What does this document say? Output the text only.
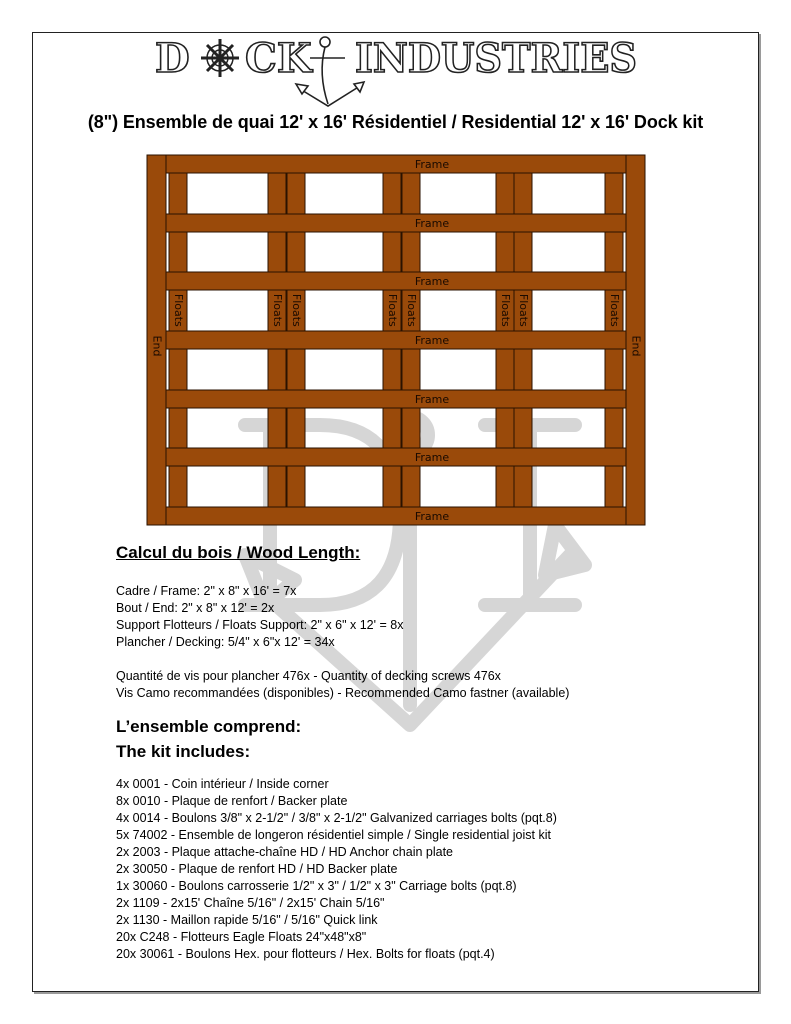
D CK INDUSTRIES
(8") Ensemble de quai 12' x 16' Résidentiel / Residential 12' x 16' Dock kit
Frame
Frame
Frame
Frame
Frame
Frame
Frame
End	End
Floats	Floats Floats	Floats Floats	Floats Floats	Floats
Calcul du bois / Wood Length:
Cadre / Frame: 2" x 8" x 16' = 7x
Bout / End: 2" x 8" x 12' = 2x
Support Flotteurs / Floats Support: 2" x 6" x 12' = 8x
Plancher / Decking: 5/4" x 6"x 12' = 34x
Quantité de vis pour plancher 476x - Quantity of decking screws 476x
Vis Camo recommandées (disponibles) - Recommended Camo fastner (available)
L’ensemble comprend:
The kit includes:
4x 0001 - Coin intérieur / Inside corner
8x 0010 - Plaque de renfort / Backer plate
4x 0014 - Boulons 3/8" x 2-1/2" / 3/8" x 2-1/2" Galvanized carriages bolts (pqt.8)
5x 74002 - Ensemble de longeron résidentiel simple / Single residential joist kit
2x 2003 - Plaque attache-chaîne HD / HD Anchor chain plate
2x 30050 - Plaque de renfort HD / HD Backer plate
1x 30060 - Boulons carrosserie 1/2" x 3" / 1/2" x 3" Carriage bolts (pqt.8)
2x 1109 - 2x15' Chaîne 5/16" / 2x15' Chain 5/16"
2x 1130 - Maillon rapide 5/16" / 5/16" Quick link
20x C248 - Flotteurs Eagle Floats 24"x48"x8"
20x 30061 - Boulons Hex. pour flotteurs / Hex. Bolts for floats (pqt.4)
